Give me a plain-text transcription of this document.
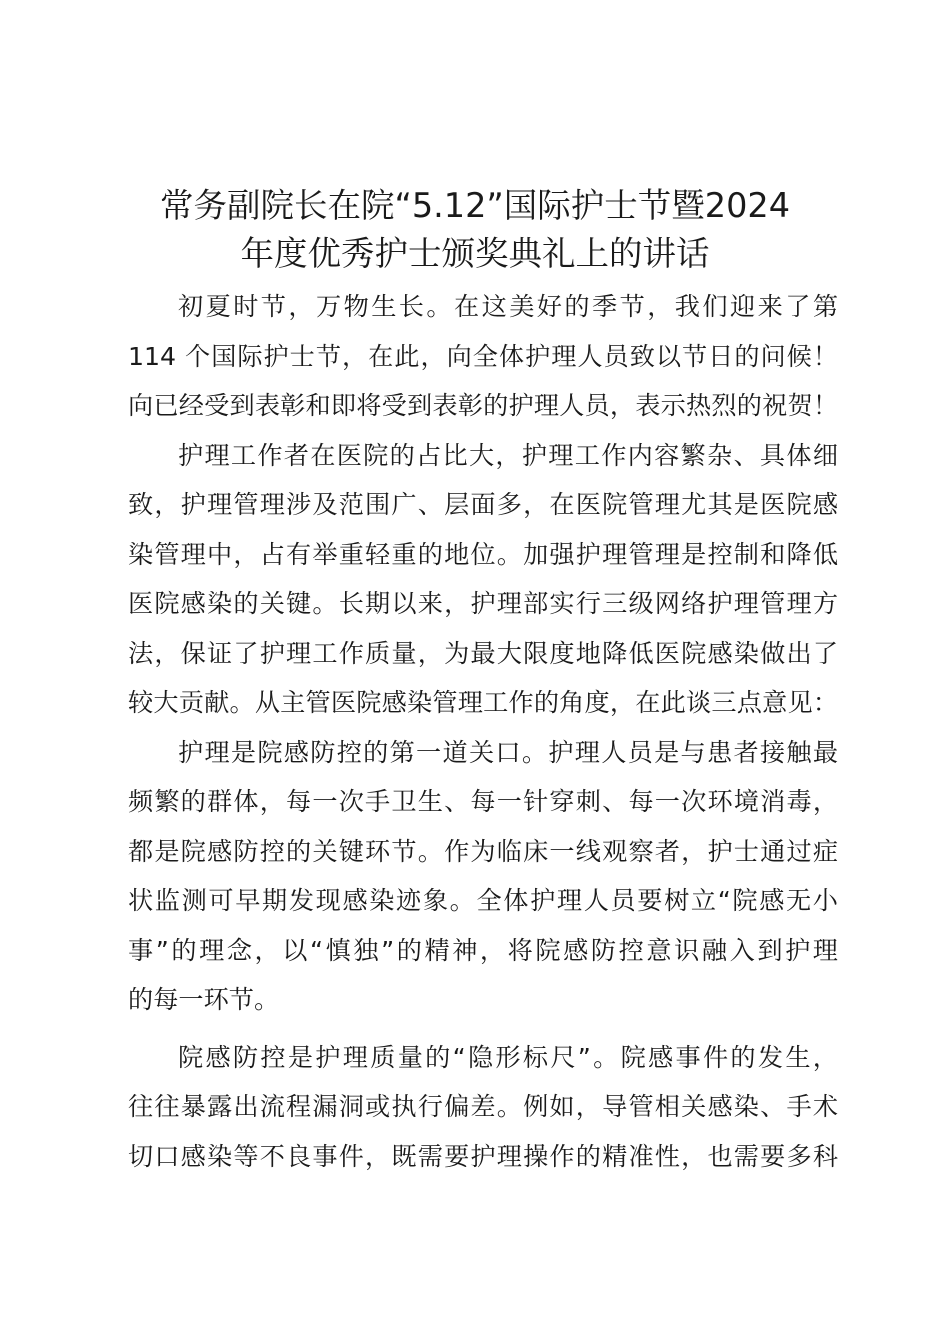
常务副院长在院“5.12”国际护士节暨2024
年度优秀护士颁奖典礼上的讲话
初夏时节，万物生长。在这美好的季节，我们迎来了第
114 个国际护士节，在此，向全体护理人员致以节日的问候！
向已经受到表彰和即将受到表彰的护理人员，表示热烈的祝贺！
护理工作者在医院的占比大，护理工作内容繁杂、具体细
致，护理管理涉及范围广、层面多，在医院管理尤其是医院感
染管理中，占有举重轻重的地位。加强护理管理是控制和降低
医院感染的关键。长期以来，护理部实行三级网络护理管理方
法，保证了护理工作质量，为最大限度地降低医院感染做出了
较大贡献。从主管医院感染管理工作的角度，在此谈三点意见：
护理是院感防控的第一道关口。护理人员是与患者接触最
频繁的群体，每一次手卫生、每一针穿刺、每一次环境消毒，
都是院感防控的关键环节。作为临床一线观察者，护士通过症
状监测可早期发现感染迹象。全体护理人员要树立“院感无小
事”的理念，以“慎独”的精神，将院感防控意识融入到护理
的每一环节。
院感防控是护理质量的“隐形标尺”。院感事件的发生，
往往暴露出流程漏洞或执行偏差。例如，导管相关感染、手术
切口感染等不良事件，既需要护理操作的精准性，也需要多科
